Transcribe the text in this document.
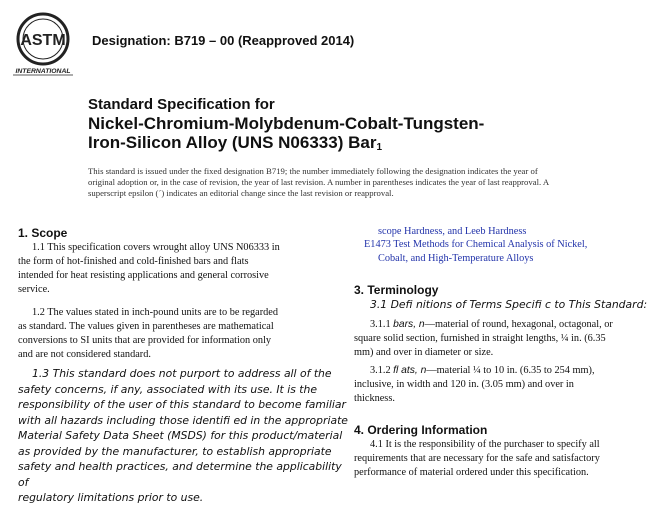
ASTM
INTERNATIONAL
Designation: B719 – 00 (Reapproved 2014)
Standard Specification for
Nickel-Chromium-Molybdenum-Cobalt-Tungsten-
Iron-Silicon Alloy (UNS N06333) Bar$_1$
This standard is issued under the fixed designation B719; the number immediately following the designation indicates the year of
original adoption or, in the case of revision, the year of last revision. A number in parentheses indicates the year of last reapproval. A
superscript epsilon (´) indicates an editorial change since the last revision or reapproval.
1. Scope
1.1 This specification covers wrought alloy UNS N06333 in
the form of hot-finished and cold-finished bars and flats
intended for heat resisting applications and general corrosive
service.
1.2 The values stated in inch-pound units are to be regarded
as standard. The values given in parentheses are mathematical
conversions to SI units that are provided for information only
and are not considered standard.
1.3 This standard does not purport to address all of the
safety concerns, if any, associated with its use. It is the
responsibility of the user of this standard to become familiar
with all hazards including those identifi ed in the appropriate
Material Safety Data Sheet (MSDS) for this product/material
as provided by the manufacturer, to establish appropriate
safety and health practices, and determine the applicability of
regulatory limitations prior to use.
scope Hardness, and Leeb Hardness
E1473 Test Methods for Chemical Analysis of Nickel,
Cobalt, and High-Temperature Alloys
3. Terminology
3.1 Defi nitions of Terms Specifi c to This Standard:
3.1.1 bars, n—material of round, hexagonal, octagonal, or
square solid section, furnished in straight lengths, ¼ in. (6.35
mm) and over in diameter or size.
3.1.2 fl ats, n—material ¼ to 10 in. (6.35 to 254 mm),
inclusive, in width and 120 in. (3.05 mm) and over in
thickness.
4. Ordering Information
4.1 It is the responsibility of the purchaser to specify all
requirements that are necessary for the safe and satisfactory
performance of material ordered under this specification.
